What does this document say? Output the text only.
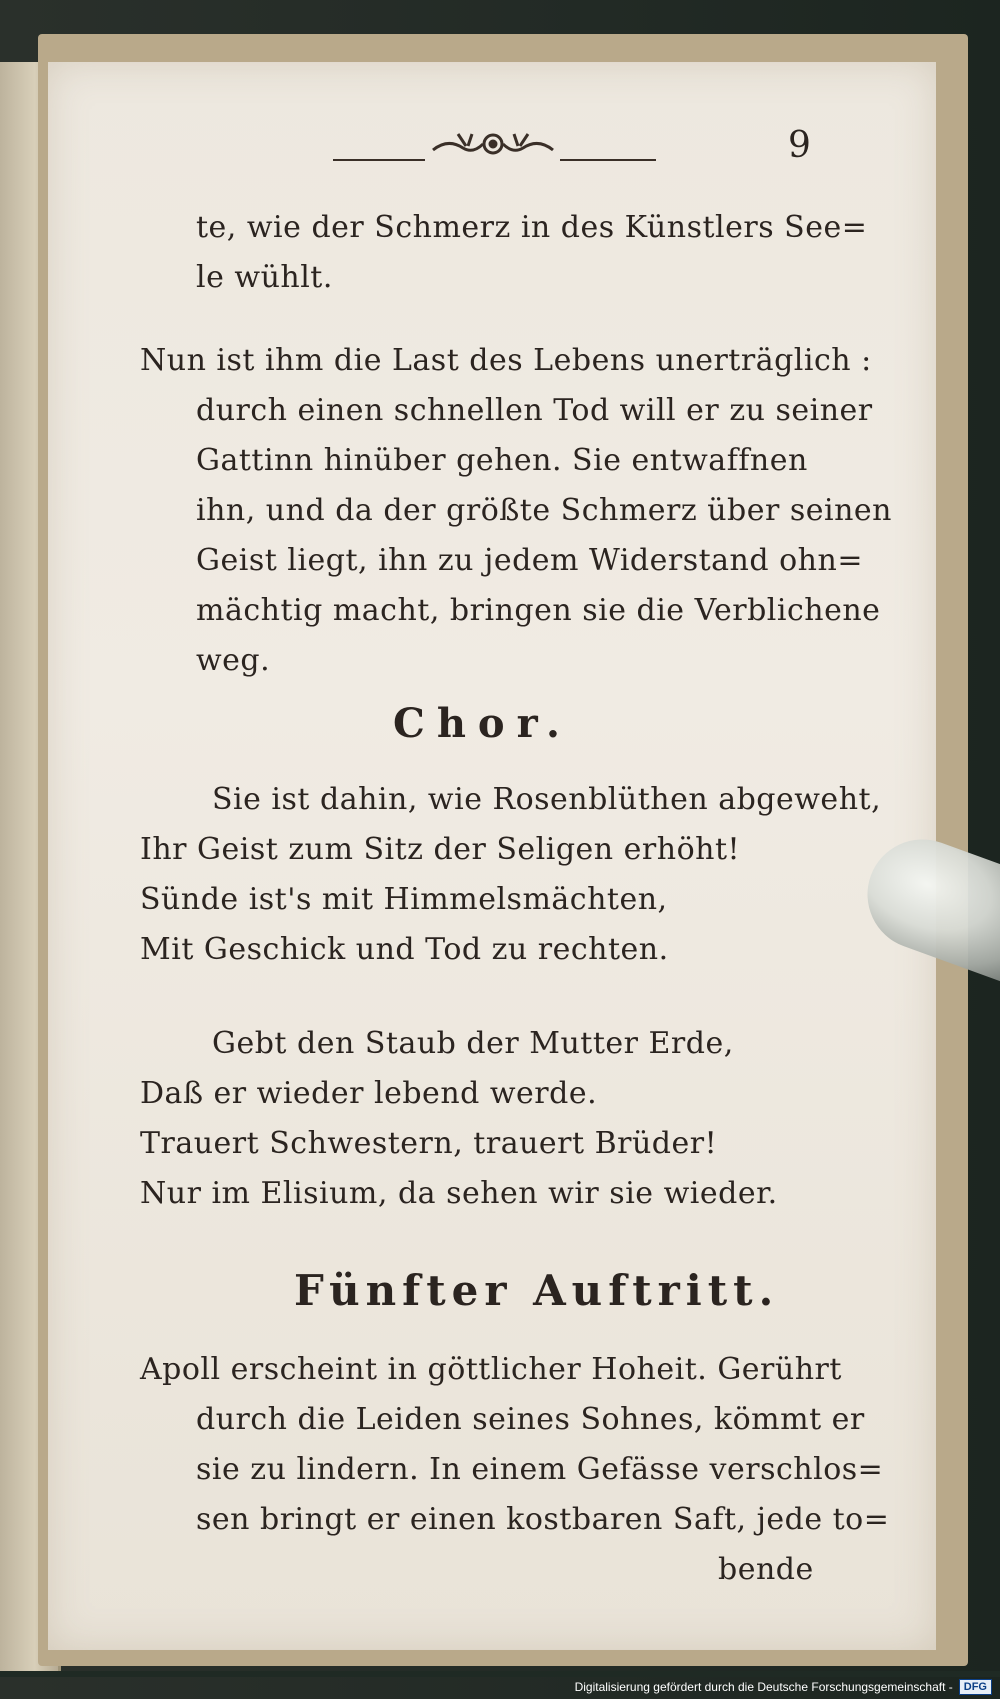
9
te, wie der Schmerz in des Künstlers See=
le wühlt.
Nun ist ihm die Last des Lebens unerträglich :
durch einen schnellen Tod will er zu seiner
Gattinn hinüber gehen. Sie entwaffnen
ihn, und da der größte Schmerz über seinen
Geist liegt, ihn zu jedem Widerstand ohn=
mächtig macht, bringen sie die Verblichene
weg.
Chor.
Sie ist dahin, wie Rosenblüthen abgeweht,
Ihr Geist zum Sitz der Seligen erhöht!
Sünde ist's mit Himmelsmächten,
Mit Geschick und Tod zu rechten.
Gebt den Staub der Mutter Erde,
Daß er wieder lebend werde.
Trauert Schwestern, trauert Brüder!
Nur im Elisium, da sehen wir sie wieder.
Fünfter Auftritt.
Apoll erscheint in göttlicher Hoheit. Gerührt
durch die Leiden seines Sohnes, kömmt er
sie zu lindern. In einem Gefässe verschlos=
sen bringt er einen kostbaren Saft, jede to=
bende
Digitalisierung gefördert durch die Deutsche Forschungsgemeinschaft -	DFG
